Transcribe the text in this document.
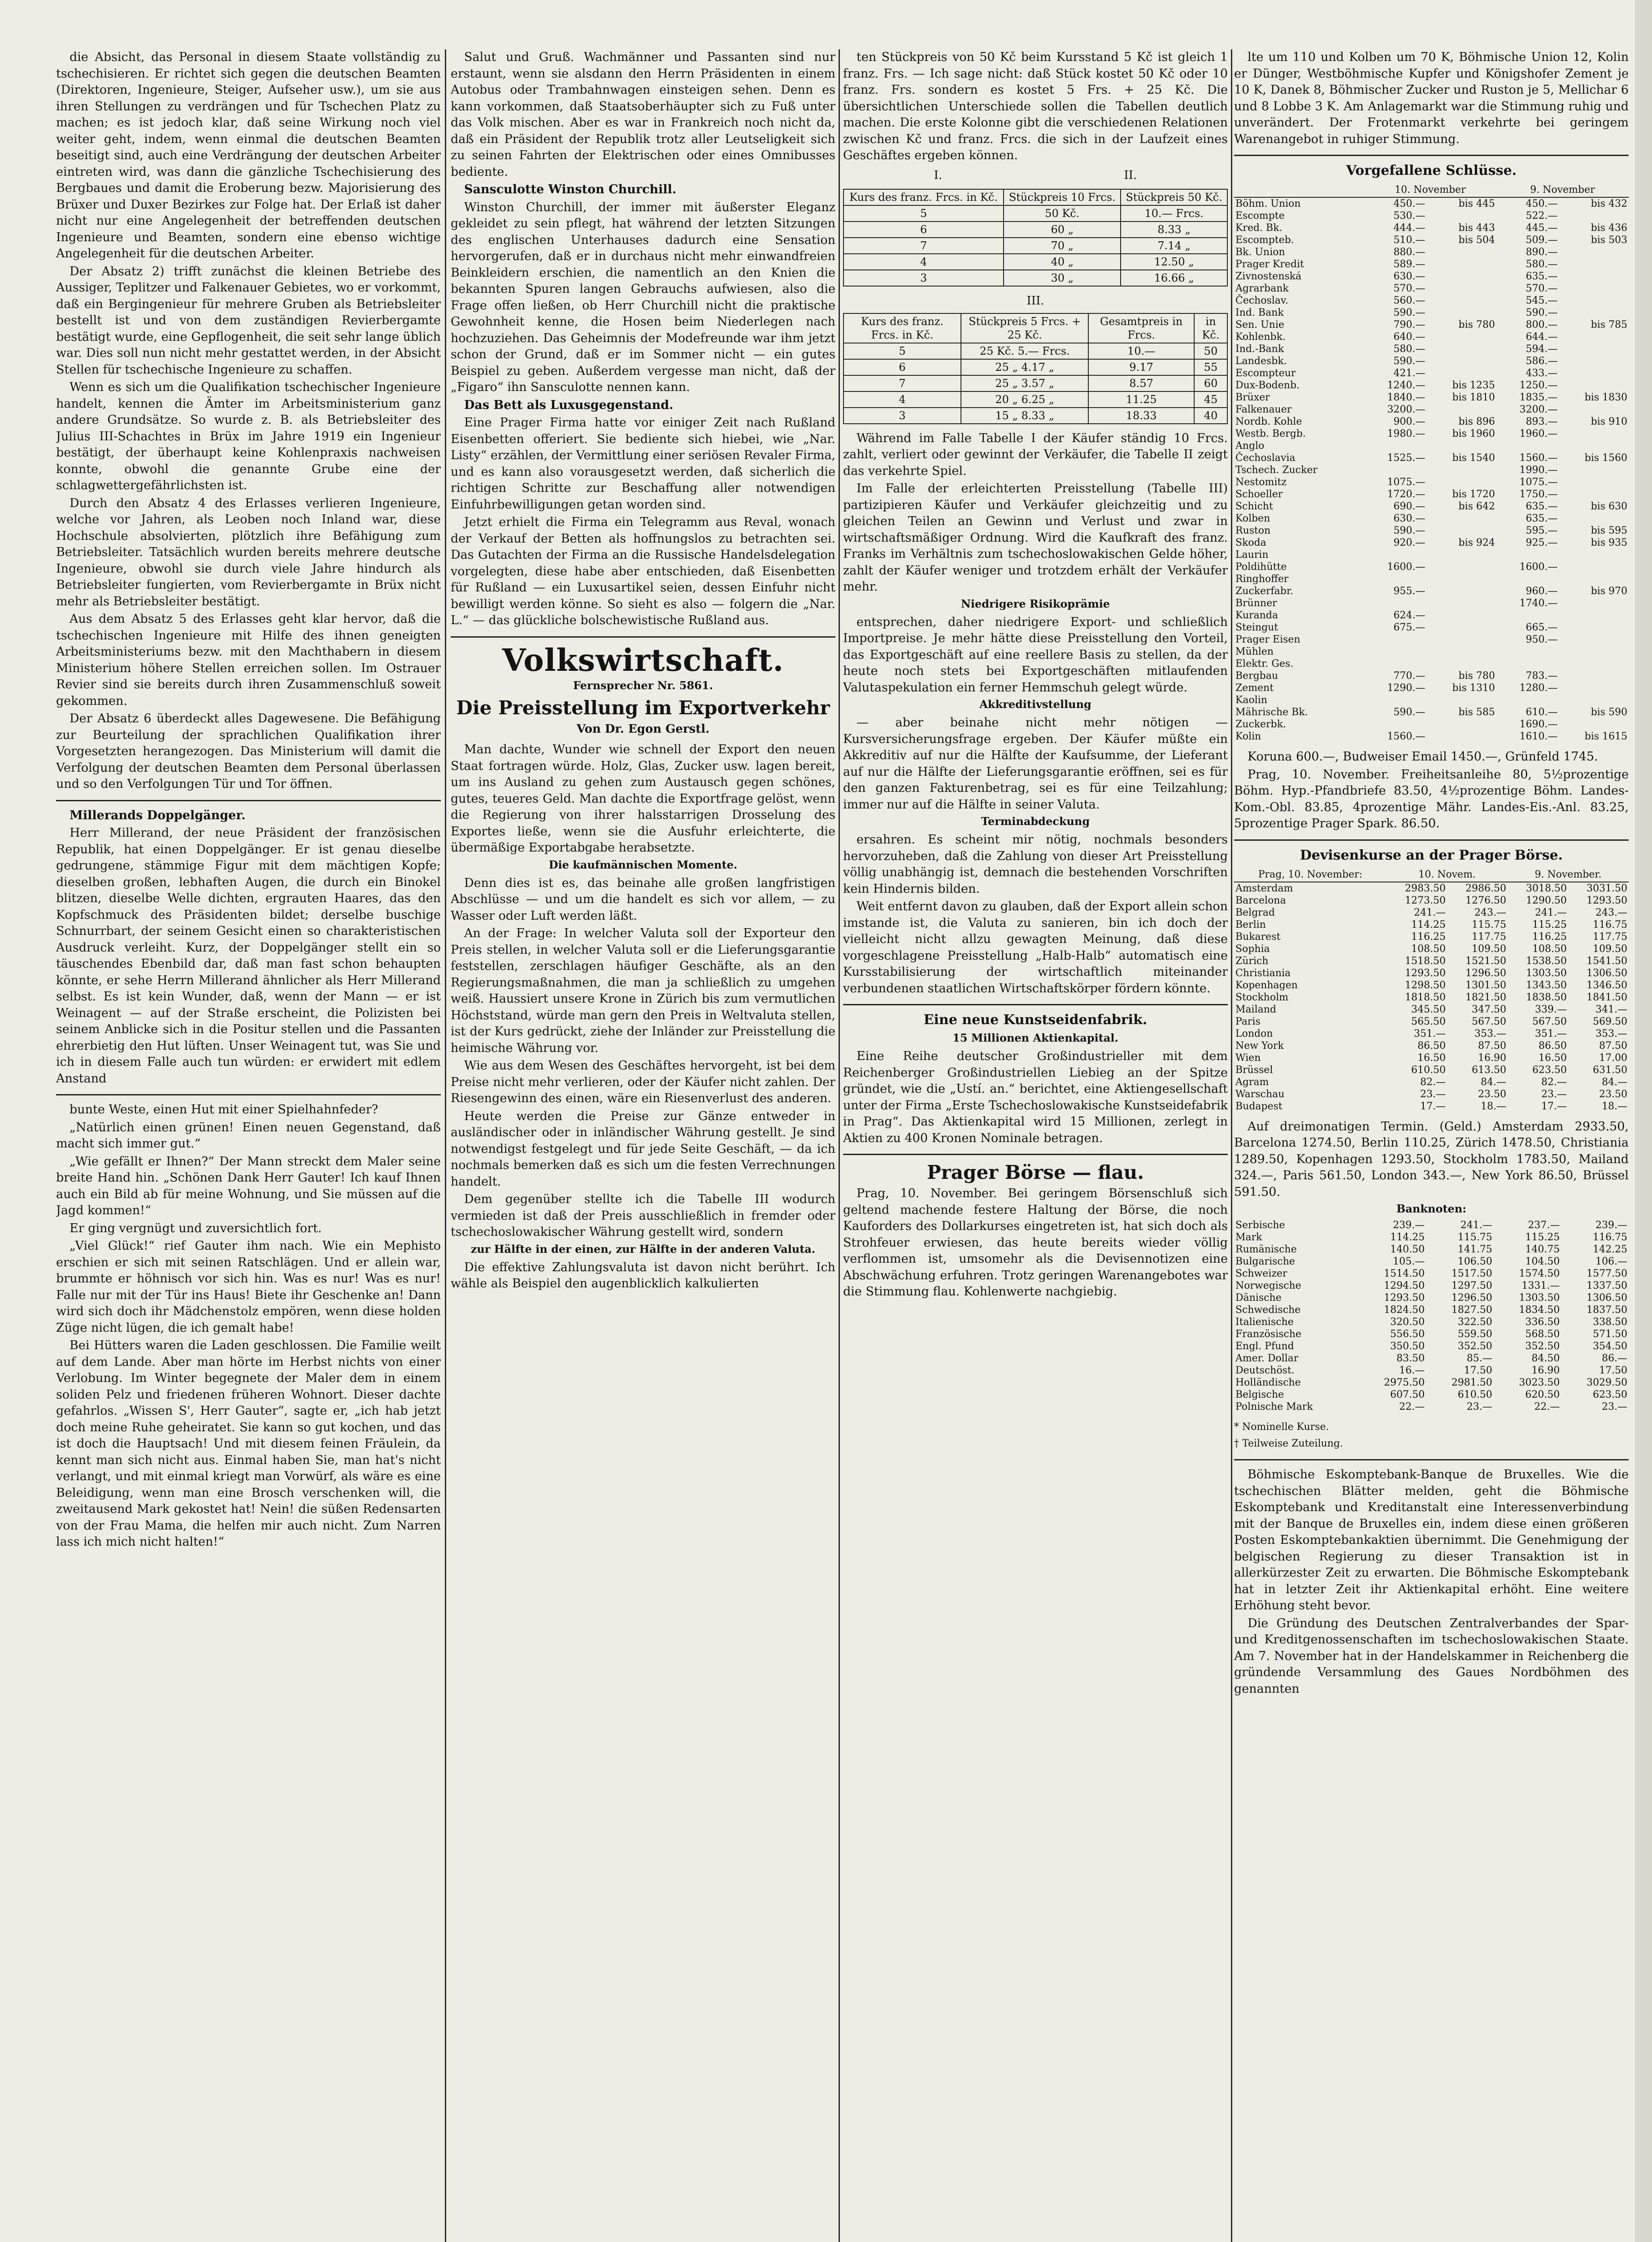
die Absicht, das Personal in diesem Staate vollständig zu tschechisieren. Er richtet sich gegen die deutschen Beamten (Direktoren, Ingenieure, Steiger, Aufseher usw.), um sie aus ihren Stellungen zu verdrängen und für Tschechen Platz zu machen; es ist jedoch klar, daß seine Wirkung noch viel weiter geht, indem, wenn einmal die deutschen Beamten beseitigt sind, auch eine Verdrängung der deutschen Arbeiter eintreten wird, was dann die gänzliche Tschechisierung des Bergbaues und damit die Eroberung bezw. Majorisierung des Brüxer und Duxer Bezirkes zur Folge hat. Der Erlaß ist daher nicht nur eine Angelegenheit der betreffenden deutschen Ingenieure und Beamten, sondern eine ebenso wichtige Angelegenheit für die deutschen Arbeiter.

Der Absatz 2) trifft zunächst die kleinen Betriebe des Aussiger, Teplitzer und Falkenauer Gebietes, wo er vorkommt, daß ein Bergingenieur für mehrere Gruben als Betriebsleiter bestellt ist und von dem zuständigen Revierbergamte bestätigt wurde, eine Gepflogenheit, die seit sehr lange üblich war. Dies soll nun nicht mehr gestattet werden, in der Absicht Stellen für tschechische Ingenieure zu schaffen.

Wenn es sich um die Qualifikation tschechischer Ingenieure handelt, kennen die Ämter im Arbeitsministerium ganz andere Grundsätze. So wurde z. B. als Betriebsleiter des Julius III-Schachtes in Brüx im Jahre 1919 ein Ingenieur bestätigt, der überhaupt keine Kohlenpraxis nachweisen konnte, obwohl die genannte Grube eine der schlagwettergefährlichsten ist.

Durch den Absatz 4 des Erlasses verlieren Ingenieure, welche vor Jahren, als Leoben noch Inland war, diese Hochschule absolvierten, plötzlich ihre Befähigung zum Betriebsleiter. Tatsächlich wurden bereits mehrere deutsche Ingenieure, obwohl sie durch viele Jahre hindurch als Betriebsleiter fungierten, vom Revierbergamte in Brüx nicht mehr als Betriebsleiter bestätigt.

Aus dem Absatz 5 des Erlasses geht klar hervor, daß die tschechischen Ingenieure mit Hilfe des ihnen geneigten Arbeitsministeriums bezw. mit den Machthabern in diesem Ministerium höhere Stellen erreichen sollen. Im Ostrauer Revier sind sie bereits durch ihren Zusammenschluß soweit gekommen.

Der Absatz 6 überdeckt alles Dagewesene. Die Befähigung zur Beurteilung der sprachlichen Qualifikation ihrer Vorgesetzten herangezogen. Das Ministerium will damit die Verfolgung der deutschen Beamten dem Personal überlassen und so den Verfolgungen Tür und Tor öffnen.

Millerands Doppelgänger.

Herr Millerand, der neue Präsident der französischen Republik, hat einen Doppelgänger. Er ist genau dieselbe gedrungene, stämmige Figur mit dem mächtigen Kopfe; dieselben großen, lebhaften Augen, die durch ein Binokel blitzen, dieselbe Welle dichten, ergrauten Haares, das den Kopfschmuck des Präsidenten bildet; derselbe buschige Schnurrbart, der seinem Gesicht einen so charakteristischen Ausdruck verleiht. Kurz, der Doppelgänger stellt ein so täuschendes Ebenbild dar, daß man fast schon behaupten könnte, er sehe Herrn Millerand ähnlicher als Herr Millerand selbst. Es ist kein Wunder, daß, wenn der Mann — er ist Weinagent — auf der Straße erscheint, die Polizisten bei seinem Anblicke sich in die Positur stellen und die Passanten ehrerbietig den Hut lüften. Unser Weinagent tut, was Sie und ich in diesem Falle auch tun würden: er erwidert mit edlem Anstand

bunte Weste, einen Hut mit einer Spielhahnfeder?

„Natürlich einen grünen! Einen neuen Gegenstand, daß macht sich immer gut.“

„Wie gefällt er Ihnen?“ Der Mann streckt dem Maler seine breite Hand hin. „Schönen Dank Herr Gauter! Ich kauf Ihnen auch ein Bild ab für meine Wohnung, und Sie müssen auf die Jagd kommen!“

Er ging vergnügt und zuversichtlich fort.

„Viel Glück!“ rief Gauter ihm nach. Wie ein Mephisto erschien er sich mit seinen Ratschlägen. Und er allein war, brummte er höhnisch vor sich hin. Was es nur! Was es nur! Falle nur mit der Tür ins Haus! Biete ihr Geschenke an! Dann wird sich doch ihr Mädchenstolz empören, wenn diese holden Züge nicht lügen, die ich gemalt habe!

Bei Hütters waren die Laden geschlossen. Die Familie weilt auf dem Lande. Aber man hörte im Herbst nichts von einer Verlobung. Im Winter begegnete der Maler dem in einem soliden Pelz und friedenen früheren Wohnort. Dieser dachte gefahrlos. „Wissen S', Herr Gauter“, sagte er, „ich hab jetzt doch meine Ruhe geheiratet. Sie kann so gut kochen, und das ist doch die Hauptsach! Und mit diesem feinen Fräulein, da kennt man sich nicht aus. Einmal haben Sie, man hat's nicht verlangt, und mit einmal kriegt man Vorwürf, als wäre es eine Beleidigung, wenn man eine Brosch verschenken will, die zweitausend Mark gekostet hat! Nein! die süßen Redensarten von der Frau Mama, die helfen mir auch nicht. Zum Narren lass ich mich nicht halten!“

Salut und Gruß. Wachmänner und Passanten sind nur erstaunt, wenn sie alsdann den Herrn Präsidenten in einem Autobus oder Trambahnwagen einsteigen sehen. Denn es kann vorkommen, daß Staatsoberhäupter sich zu Fuß unter das Volk mischen. Aber es war in Frankreich noch nicht da, daß ein Präsident der Republik trotz aller Leutseligkeit sich zu seinen Fahrten der Elektrischen oder eines Omnibusses bediente.

Sansculotte Winston Churchill.

Winston Churchill, der immer mit äußerster Eleganz gekleidet zu sein pflegt, hat während der letzten Sitzungen des englischen Unterhauses dadurch eine Sensation hervorgerufen, daß er in durchaus nicht mehr einwandfreien Beinkleidern erschien, die namentlich an den Knien die bekannten Spuren langen Gebrauchs aufwiesen, also die Frage offen ließen, ob Herr Churchill nicht die praktische Gewohnheit kenne, die Hosen beim Niederlegen nach hochzuziehen. Das Geheimnis der Modefreunde war ihm jetzt schon der Grund, daß er im Sommer nicht — ein gutes Beispiel zu geben. Außerdem vergesse man nicht, daß der „Figaro“ ihn Sansculotte nennen kann.

Das Bett als Luxusgegenstand.

Eine Prager Firma hatte vor einiger Zeit nach Rußland Eisenbetten offeriert. Sie bediente sich hiebei, wie „Nar. Listy“ erzählen, der Vermittlung einer seriösen Revaler Firma, und es kann also vorausgesetzt werden, daß sicherlich die richtigen Schritte zur Beschaffung aller notwendigen Einfuhrbewilligungen getan worden sind.

Jetzt erhielt die Firma ein Telegramm aus Reval, wonach der Verkauf der Betten als hoffnungslos zu betrachten sei. Das Gutachten der Firma an die Russische Handelsdelegation vorgelegten, diese habe aber entschieden, daß Eisenbetten für Rußland — ein Luxusartikel seien, dessen Einfuhr nicht bewilligt werden könne. So sieht es also — folgern die „Nar. L.“ — das glückliche bolschewistische Rußland aus.

Volkswirtschaft.
Fernsprecher Nr. 5861.
Die Preisstellung im Exportverkehr
Von Dr. Egon Gerstl.

Man dachte, Wunder wie schnell der Export den neuen Staat fortragen würde. Holz, Glas, Zucker usw. lagen bereit, um ins Ausland zu gehen zum Austausch gegen schönes, gutes, teueres Geld. Man dachte die Exportfrage gelöst, wenn die Regierung von ihrer halsstarrigen Drosselung des Exportes ließe, wenn sie die Ausfuhr erleichterte, die übermäßige Exportabgabe herabsetzte.

Die kaufmännischen Momente.

Denn dies ist es, das beinahe alle großen langfristigen Abschlüsse — und um die handelt es sich vor allem, — zu Wasser oder Luft werden läßt.

An der Frage: In welcher Valuta soll der Exporteur den Preis stellen, in welcher Valuta soll er die Lieferungsgarantie feststellen, zerschlagen häufiger Geschäfte, als an den Regierungsmaßnahmen, die man ja schließlich zu umgehen weiß. Haussiert unsere Krone in Zürich bis zum vermutlichen Höchststand, würde man gern den Preis in Weltvaluta stellen, ist der Kurs gedrückt, ziehe der Inländer zur Preisstellung die heimische Währung vor.

Wie aus dem Wesen des Geschäftes hervorgeht, ist bei dem Preise nicht mehr verlieren, oder der Käufer nicht zahlen. Der Riesengewinn des einen, wäre ein Riesenverlust des anderen.

Heute werden die Preise zur Gänze entweder in ausländischer oder in inländischer Währung gestellt. Je sind notwendigst festgelegt und für jede Seite Geschäft, — da ich nochmals bemerken daß es sich um die festen Verrechnungen handelt.

Dem gegenüber stellte ich die Tabelle III wodurch vermieden ist daß der Preis ausschließlich in fremder oder tschechoslowakischer Währung gestellt wird, sondern

zur Hälfte in der einen, zur Hälfte in der anderen Valuta.

Die effektive Zahlungsvaluta ist davon nicht berührt. Ich wähle als Beispiel den augenblicklich kalkulierten

ten Stückpreis von 50 Kč beim Kursstand 5 Kč ist gleich 1 franz. Frs. — Ich sage nicht: daß Stück kostet 50 Kč oder 10 franz. Frs. sondern es kostet 5 Frs. + 25 Kč. Die übersichtlichen Unterschiede sollen die Tabellen deutlich machen. Die erste Kolonne gibt die verschiedenen Relationen zwischen Kč und franz. Frcs. die sich in der Laufzeit eines Geschäftes ergeben können.

I.	II.
Kurs des franz. Frcs. in Kč.	Stückpreis 10 Frcs.	Stückpreis 50 Kč.
5	50 Kč.	10.— Frcs.
6	60 „	8.33 „
7	70 „	7.14 „
4	40 „	12.50 „
3	30 „	16.66 „
III.
Kurs des franz. Frcs. in Kč.	Stückpreis 5 Frcs. + 25 Kč.	Gesamtpreis in Frcs.	in Kč.
5	25 Kč. 5.— Frcs.	10.—	50
6	25 „ 4.17 „	9.17	55
7	25 „ 3.57 „	8.57	60
4	20 „ 6.25 „	11.25	45
3	15 „ 8.33 „	18.33	40

Während im Falle Tabelle I der Käufer ständig 10 Frcs. zahlt, verliert oder gewinnt der Verkäufer, die Tabelle II zeigt das verkehrte Spiel.

Im Falle der erleichterten Preisstellung (Tabelle III) partizipieren Käufer und Verkäufer gleichzeitig und zu gleichen Teilen an Gewinn und Verlust und zwar in wirtschaftsmäßiger Ordnung. Wird die Kaufkraft des franz. Franks im Verhältnis zum tschechoslowakischen Gelde höher, zahlt der Käufer weniger und trotzdem erhält der Verkäufer mehr.

Niedrigere Risikoprämie

entsprechen, daher niedrigere Export- und schließlich Importpreise. Je mehr hätte diese Preisstellung den Vorteil, das Exportgeschäft auf eine reellere Basis zu stellen, da der heute noch stets bei Exportgeschäften mitlaufenden Valutaspekulation ein ferner Hemmschuh gelegt würde.

Akkreditivstellung

— aber beinahe nicht mehr nötigen — Kursversicherungsfrage ergeben. Der Käufer müßte ein Akkreditiv auf nur die Hälfte der Kaufsumme, der Lieferant auf nur die Hälfte der Lieferungsgarantie eröffnen, sei es für den ganzen Fakturenbetrag, sei es für eine Teilzahlung; immer nur auf die Hälfte in seiner Valuta.

Terminabdeckung

ersahren. Es scheint mir nötig, nochmals besonders hervorzuheben, daß die Zahlung von dieser Art Preisstellung völlig unabhängig ist, demnach die bestehenden Vorschriften kein Hindernis bilden.

Weit entfernt davon zu glauben, daß der Export allein schon imstande ist, die Valuta zu sanieren, bin ich doch der vielleicht nicht allzu gewagten Meinung, daß diese vorgeschlagene Preisstellung „Halb-Halb“ automatisch eine Kursstabilisierung der wirtschaftlich miteinander verbundenen staatlichen Wirtschaftskörper fördern könnte.

Eine neue Kunstseidenfabrik.
15 Millionen Aktienkapital.

Eine Reihe deutscher Großindustrieller mit dem Reichenberger Großindustriellen Liebieg an der Spitze gründet, wie die „Ustí. an.“ berichtet, eine Aktiengesellschaft unter der Firma „Erste Tschechoslowakische Kunstseidefabrik in Prag“. Das Aktienkapital wird 15 Millionen, zerlegt in Aktien zu 400 Kronen Nominale betragen.

Prager Börse — flau.

Prag, 10. November. Bei geringem Börsenschluß sich geltend machende festere Haltung der Börse, die noch Kauforders des Dollarkurses eingetreten ist, hat sich doch als Strohfeuer erwiesen, das heute bereits wieder völlig verflommen ist, umsomehr als die Devisennotizen eine Abschwächung erfuhren. Trotz geringen Warenangebotes war die Stimmung flau. Kohlenwerte nachgiebig.

lte um 110 und Kolben um 70 K, Böhmische Union 12, Kolin er Dünger, Westböhmische Kupfer und Königshofer Zement je 10 K, Danek 8, Böhmischer Zucker und Ruston je 5, Mellichar 6 und 8 Lobbe 3 K. Am Anlagemarkt war die Stimmung ruhig und unverändert. Der Frotenmarkt verkehrte bei geringem Warenangebot in ruhiger Stimmung.

Vorgefallene Schlüsse.
	10. November		9. November	
Böhm. Union	450.—	bis 445	450.—	bis 432
Escompte	530.—		522.—	
Kred. Bk.	444.—	bis 443	445.—	bis 436
Escompteb.	510.—	bis 504	509.—	bis 503
Bk. Union	880.—		890.—	
Prager Kredit	589.—		580.—	
Zivnostenská	630.—		635.—	
Agrarbank	570.—		570.—	
Čechoslav.	560.—		545.—	
Ind. Bank	590.—		590.—	
Sen. Unie	790.—	bis 780	800.—	bis 785
Kohlenbk.	640.—		644.—	
Ind.-Bank	580.—		594.—	
Landesbk.	590.—		586.—	
Escompteur	421.—		433.—	
Dux-Bodenb.	1240.—	bis 1235	1250.—	
Brüxer	1840.—	bis 1810	1835.—	bis 1830
Falkenauer	3200.—		3200.—	
Nordb. Kohle	900.—	bis 896	893.—	bis 910
Westb. Bergb.	1980.—	bis 1960	1960.—	
Anglo				
Čechoslavia	1525.—	bis 1540	1560.—	bis 1560
Tschech. Zucker			1990.—	
Nestomitz	1075.—		1075.—	
Schoeller	1720.—	bis 1720	1750.—	
Schicht	690.—	bis 642	635.—	bis 630
Kolben	630.—		635.—	
Ruston	590.—		595.—	bis 595
Skoda	920.—	bis 924	925.—	bis 935
Laurin				
Poldihütte	1600.—		1600.—	
Ringhoffer				
Zuckerfabr.	955.—		960.—	bis 970
Brünner			1740.—	
Kuranda	624.—			
Steingut	675.—		665.—	
Prager Eisen			950.—	
Mühlen				
Elektr. Ges.				
Bergbau	770.—	bis 780	783.—	
Zement	1290.—	bis 1310	1280.—	
Kaolin				
Mährische Bk.	590.—	bis 585	610.—	bis 590
Zuckerbk.			1690.—	
Kolin	1560.—		1610.—	bis 1615

Koruna 600.—, Budweiser Email 1450.—, Grünfeld 1745.

Prag, 10. November. Freiheitsanleihe 80, 5½prozentige Böhm. Hyp.-Pfandbriefe 83.50, 4½prozentige Böhm. Landes-Kom.-Obl. 83.85, 4prozentige Mähr. Landes-Eis.-Anl. 83.25, 5prozentige Prager Spark. 86.50.

Devisenkurse an der Prager Börse.
Prag, 10. November:	10. Novem.		9. November.	
Amsterdam	2983.50	2986.50	3018.50	3031.50
Barcelona	1273.50	1276.50	1290.50	1293.50
Belgrad	241.—	243.—	241.—	243.—
Berlin	114.25	115.75	115.25	116.75
Bukarest	116.25	117.75	116.25	117.75
Sophia	108.50	109.50	108.50	109.50
Zürich	1518.50	1521.50	1538.50	1541.50
Christiania	1293.50	1296.50	1303.50	1306.50
Kopenhagen	1298.50	1301.50	1343.50	1346.50
Stockholm	1818.50	1821.50	1838.50	1841.50
Mailand	345.50	347.50	339.—	341.—
Paris	565.50	567.50	567.50	569.50
London	351.—	353.—	351.—	353.—
New York	86.50	87.50	86.50	87.50
Wien	16.50	16.90	16.50	17.00
Brüssel	610.50	613.50	623.50	631.50
Agram	82.—	84.—	82.—	84.—
Warschau	23.—	23.50	23.—	23.50
Budapest	17.—	18.—	17.—	18.—

Auf dreimonatigen Termin. (Geld.) Amsterdam 2933.50, Barcelona 1274.50, Berlin 110.25, Zürich 1478.50, Christiania 1289.50, Kopenhagen 1293.50, Stockholm 1783.50, Mailand 324.—, Paris 561.50, London 343.—, New York 86.50, Brüssel 591.50.

Banknoten:
Serbische	239.—	241.—	237.—	239.—
Mark	114.25	115.75	115.25	116.75
Rumänische	140.50	141.75	140.75	142.25
Bulgarische	105.—	106.50	104.50	106.—
Schweizer	1514.50	1517.50	1574.50	1577.50
Norwegische	1294.50	1297.50	1331.—	1337.50
Dänische	1293.50	1296.50	1303.50	1306.50
Schwedische	1824.50	1827.50	1834.50	1837.50
Italienische	320.50	322.50	336.50	338.50
Französische	556.50	559.50	568.50	571.50
Engl. Pfund	350.50	352.50	352.50	354.50
Amer. Dollar	83.50	85.—	84.50	86.—
Deutschöst.	16.—	17.50	16.90	17.50
Holländische	2975.50	2981.50	3023.50	3029.50
Belgische	607.50	610.50	620.50	623.50
Polnische Mark	22.—	23.—	22.—	23.—
* Nominelle Kurse.
† Teilweise Zuteilung.

Böhmische Eskomptebank-Banque de Bruxelles. Wie die tschechischen Blätter melden, geht die Böhmische Eskomptebank und Kreditanstalt eine Interessenverbindung mit der Banque de Bruxelles ein, indem diese einen größeren Posten Eskomptebankaktien übernimmt. Die Genehmigung der belgischen Regierung zu dieser Transaktion ist in allerkürzester Zeit zu erwarten. Die Böhmische Eskomptebank hat in letzter Zeit ihr Aktienkapital erhöht. Eine weitere Erhöhung steht bevor.

Die Gründung des Deutschen Zentralverbandes der Spar- und Kreditgenossenschaften im tschechoslowakischen Staate. Am 7. November hat in der Handelskammer in Reichenberg die gründende Versammlung des Gaues Nordböhmen des genannten
